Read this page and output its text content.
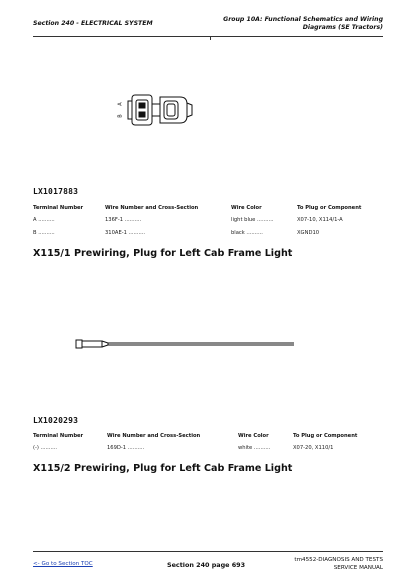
Section 240 - ELECTRICAL SYSTEM
Group 10A: Functional Schematics and Wiring
Diagrams (SE Tractors)
A
B
LX1017883
Terminal Number	Wire Number and Cross-Section	Wire Color	To Plug or Component
A ..........	136F-1 ..........	light blue ..........	X07-10, X114/1-A
B ..........	310AE-1 ..........	black ..........	XGND10
X115/1 Prewiring, Plug for Left Cab Frame Light
LX1020293
Terminal Number	Wire Number and Cross-Section	Wire Color	To Plug or Component
(-) ..........	169D-1 ..........	white ..........	X07-20, X110/1
X115/2 Prewiring, Plug for Left Cab Frame Light
<- Go to Section TOC	Section 240 page 693
tm4552-DIAGNOSIS AND TESTS
SERVICE MANUAL
